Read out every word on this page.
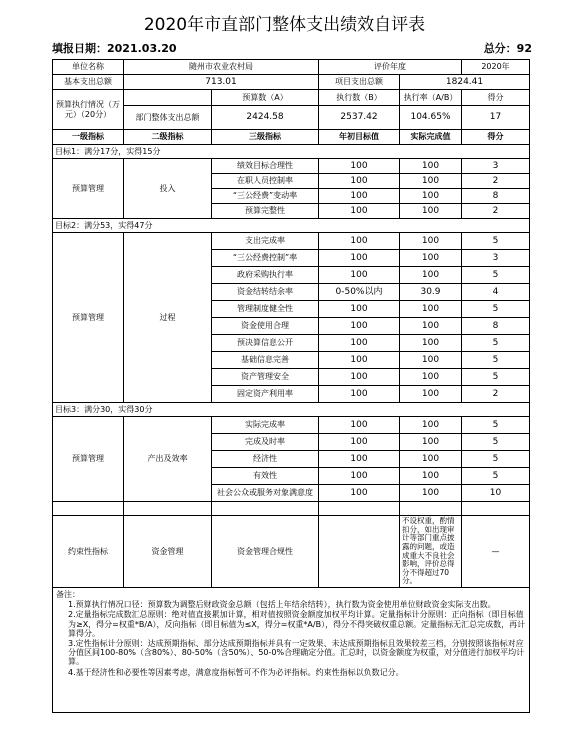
2020年市直部门整体支出绩效自评表
填报日期：2021.03.20	总分：92
单位名称	随州市农业农村局		评价年度		2020年
基本支出总额	713.01		项目支出总额	1824.41	
预算执行情况（万元）（20分）		预算数（A）	执行数（B）	执行率（A/B）	得分
	部门整体支出总额	2424.58	2537.42	104.65%	17
一级指标	二级指标	三级指标	年初目标值	实际完成值	得分
目标1：满分17分，实得15分					
预算管理	投入	绩效目标合理性	100	100	3
		在职人员控制率	100	100	2
		“三公经费”变动率	100	100	8
		预算完整性	100	100	2
目标2：满分53，实得47分					
预算管理	过程	支出完成率	100	100	5
		“三公经费控制”率	100	100	3
		政府采购执行率	100	100	5
		资金结转结余率	0-50%以内	30.9	4
		管理制度健全性	100	100	5
		资金使用合理	100	100	8
		预决算信息公开	100	100	5
		基础信息完善	100	100	5
		资产管理安全	100	100	5
		固定资产利用率	100	100	2
目标3：满分30，实得30分					
预算管理	产出及效率	实际完成率	100	100	5
		完成及时率	100	100	5
		经济性	100	100	5
		有效性	100	100	5
		社会公众或服务对象满意度	100	100	10

约束性指标	资金管理	资金管理合规性		不设权重，酌情扣分，如出现审计等部门重点披露的问题，或造成重大不良社会影响，评价总得分不得超过70分。	—

备注：

1.预算执行情况口径：预算数为调整后财政资金总额（包括上年结余结转），执行数为资金使用单位财政资金实际支出数。

2.定量指标完成数汇总原则：绝对值直接累加计算，相对值按照资金额度加权平均计算。定量指标计分原则：正向指标（即目标值为≥X，得分=权重*B/A），反向指标（即目标值为≤X，得分=权重*A/B），得分不得突破权重总额。定量指标无汇总完成数，再计算得分。

3.定性指标计分原则：达成预期指标、部分达成预期指标并具有一定效果、未达成预期指标且效果较差三档，分别按照该指标对应分值区间100-80%（含80%）、80-50%（含50%）、50-0%合理确定分值。汇总时，以资金额度为权重，对分值进行加权平均计算。

4.基于经济性和必要性等因素考虑，满意度指标暂可不作为必评指标。约束性指标以负数记分。					
